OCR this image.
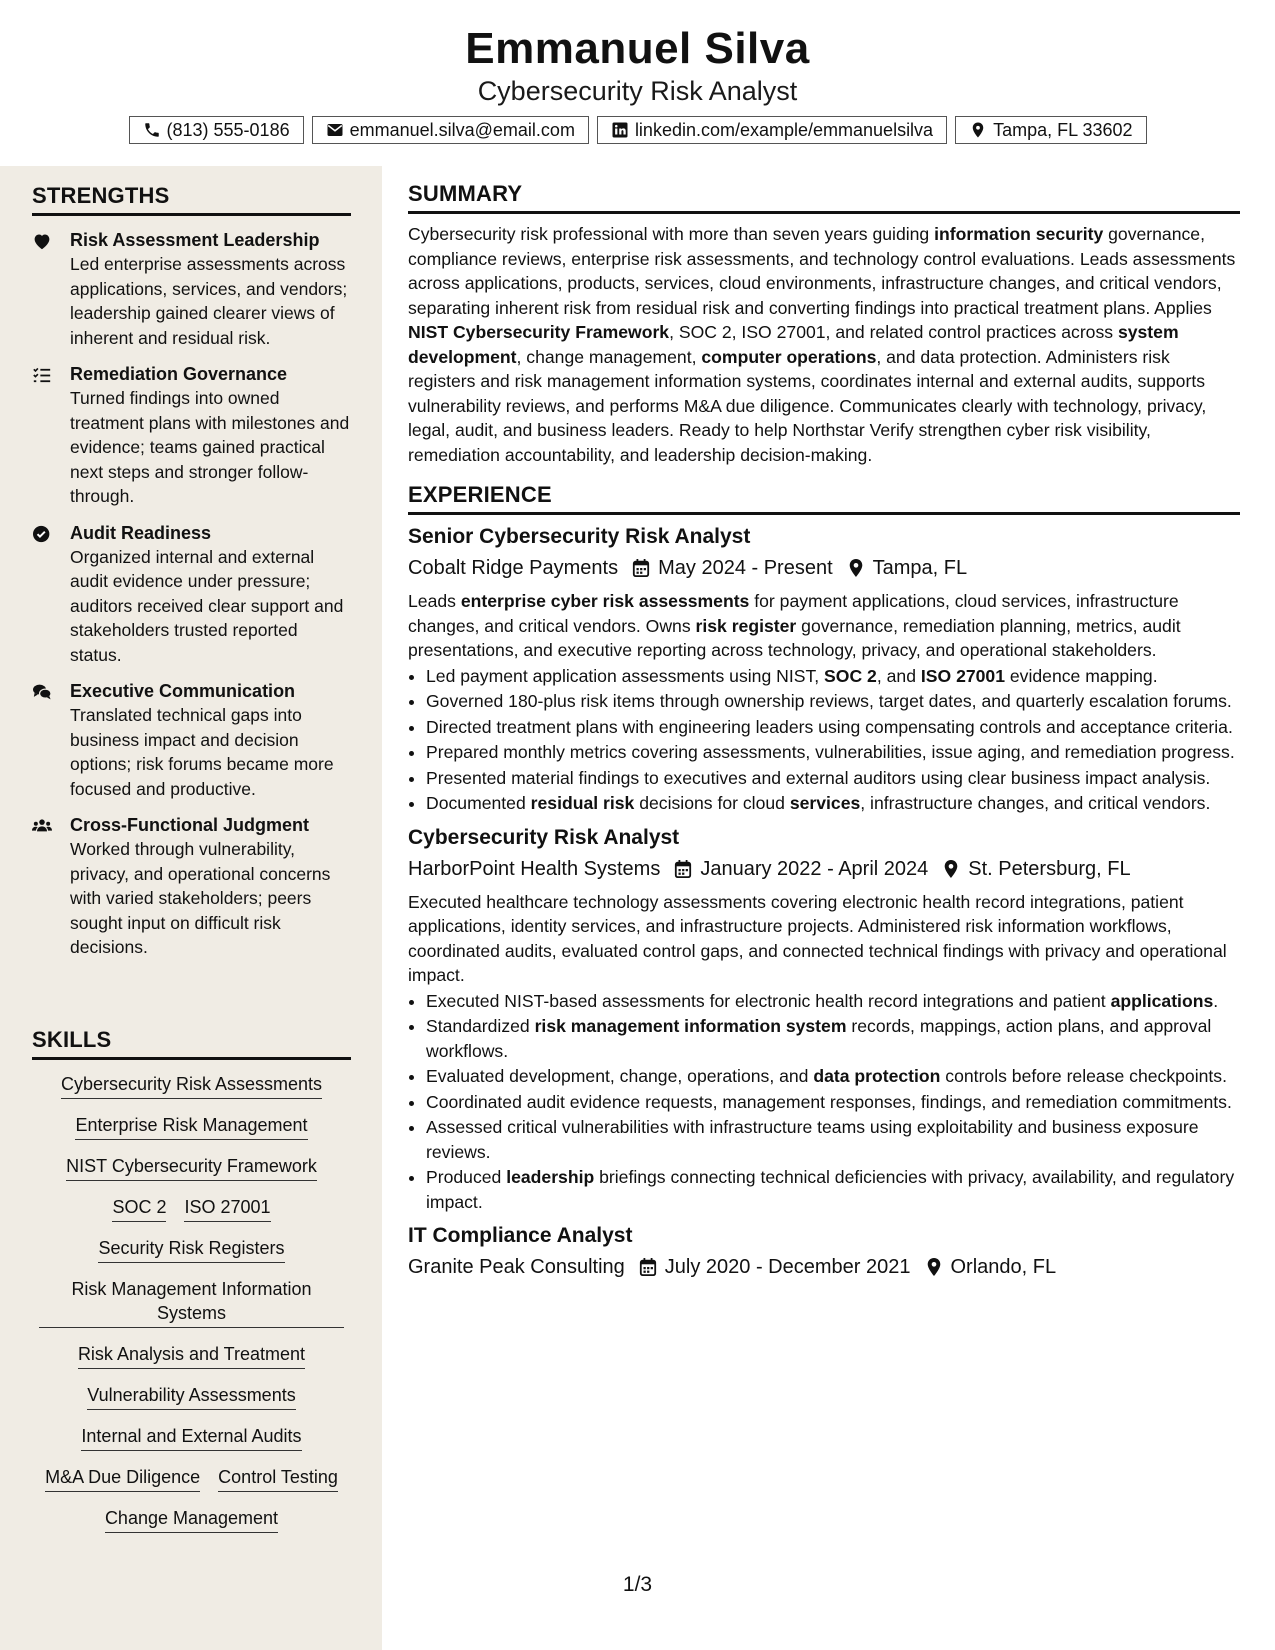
Emmanuel Silva
Cybersecurity Risk Analyst
(813) 555-0186	emmanuel.silva@email.com	linkedin.com/example/emmanuelsilva	Tampa, FL 33602
STRENGTHS
Risk Assessment Leadership
Led enterprise assessments across applications, services, and vendors; leadership gained clearer views of inherent and residual risk.
Remediation Governance
Turned findings into owned treatment plans with milestones and evidence; teams gained practical next steps and stronger follow-through.
Audit Readiness
Organized internal and external audit evidence under pressure; auditors received clear support and stakeholders trusted reported status.
Executive Communication
Translated technical gaps into business impact and decision options; risk forums became more focused and productive.
Cross-Functional Judgment
Worked through vulnerability, privacy, and operational concerns with varied stakeholders; peers sought input on difficult risk decisions.
SKILLS
Cybersecurity Risk Assessments
Enterprise Risk Management
NIST Cybersecurity Framework
SOC 2 ISO 27001
Security Risk Registers
Risk Management Information Systems
Risk Analysis and Treatment
Vulnerability Assessments
Internal and External Audits
M&A Due Diligence Control Testing
Change Management
SUMMARY
Cybersecurity risk professional with more than seven years guiding information security governance, compliance reviews, enterprise risk assessments, and technology control evaluations. Leads assessments across applications, products, services, cloud environments, infrastructure changes, and critical vendors, separating inherent risk from residual risk and converting findings into practical treatment plans. Applies NIST Cybersecurity Framework, SOC 2, ISO 27001, and related control practices across system development, change management, computer operations, and data protection. Administers risk registers and risk management information systems, coordinates internal and external audits, supports vulnerability reviews, and performs M&A due diligence. Communicates clearly with technology, privacy, legal, audit, and business leaders. Ready to help Northstar Verify strengthen cyber risk visibility, remediation accountability, and leadership decision-making.
EXPERIENCE
Senior Cybersecurity Risk Analyst
Cobalt Ridge Payments May 2024 - Present Tampa, FL
Leads enterprise cyber risk assessments for payment applications, cloud services, infrastructure changes, and critical vendors. Owns risk register governance, remediation planning, metrics, audit presentations, and executive reporting across technology, privacy, and operational stakeholders.
• Led payment application assessments using NIST, SOC 2, and ISO 27001 evidence mapping.
• Governed 180-plus risk items through ownership reviews, target dates, and quarterly escalation forums.
• Directed treatment plans with engineering leaders using compensating controls and acceptance criteria.
• Prepared monthly metrics covering assessments, vulnerabilities, issue aging, and remediation progress.
• Presented material findings to executives and external auditors using clear business impact analysis.
• Documented residual risk decisions for cloud services, infrastructure changes, and critical vendors.
Cybersecurity Risk Analyst
HarborPoint Health Systems January 2022 - April 2024 St. Petersburg, FL
Executed healthcare technology assessments covering electronic health record integrations, patient applications, identity services, and infrastructure projects. Administered risk information workflows, coordinated audits, evaluated control gaps, and connected technical findings with privacy and operational impact.
• Executed NIST-based assessments for electronic health record integrations and patient applications.
• Standardized risk management information system records, mappings, action plans, and approval workflows.
• Evaluated development, change, operations, and data protection controls before release checkpoints.
• Coordinated audit evidence requests, management responses, findings, and remediation commitments.
• Assessed critical vulnerabilities with infrastructure teams using exploitability and business exposure reviews.
• Produced leadership briefings connecting technical deficiencies with privacy, availability, and regulatory impact.
IT Compliance Analyst
Granite Peak Consulting July 2020 - December 2021 Orlando, FL
1/3
